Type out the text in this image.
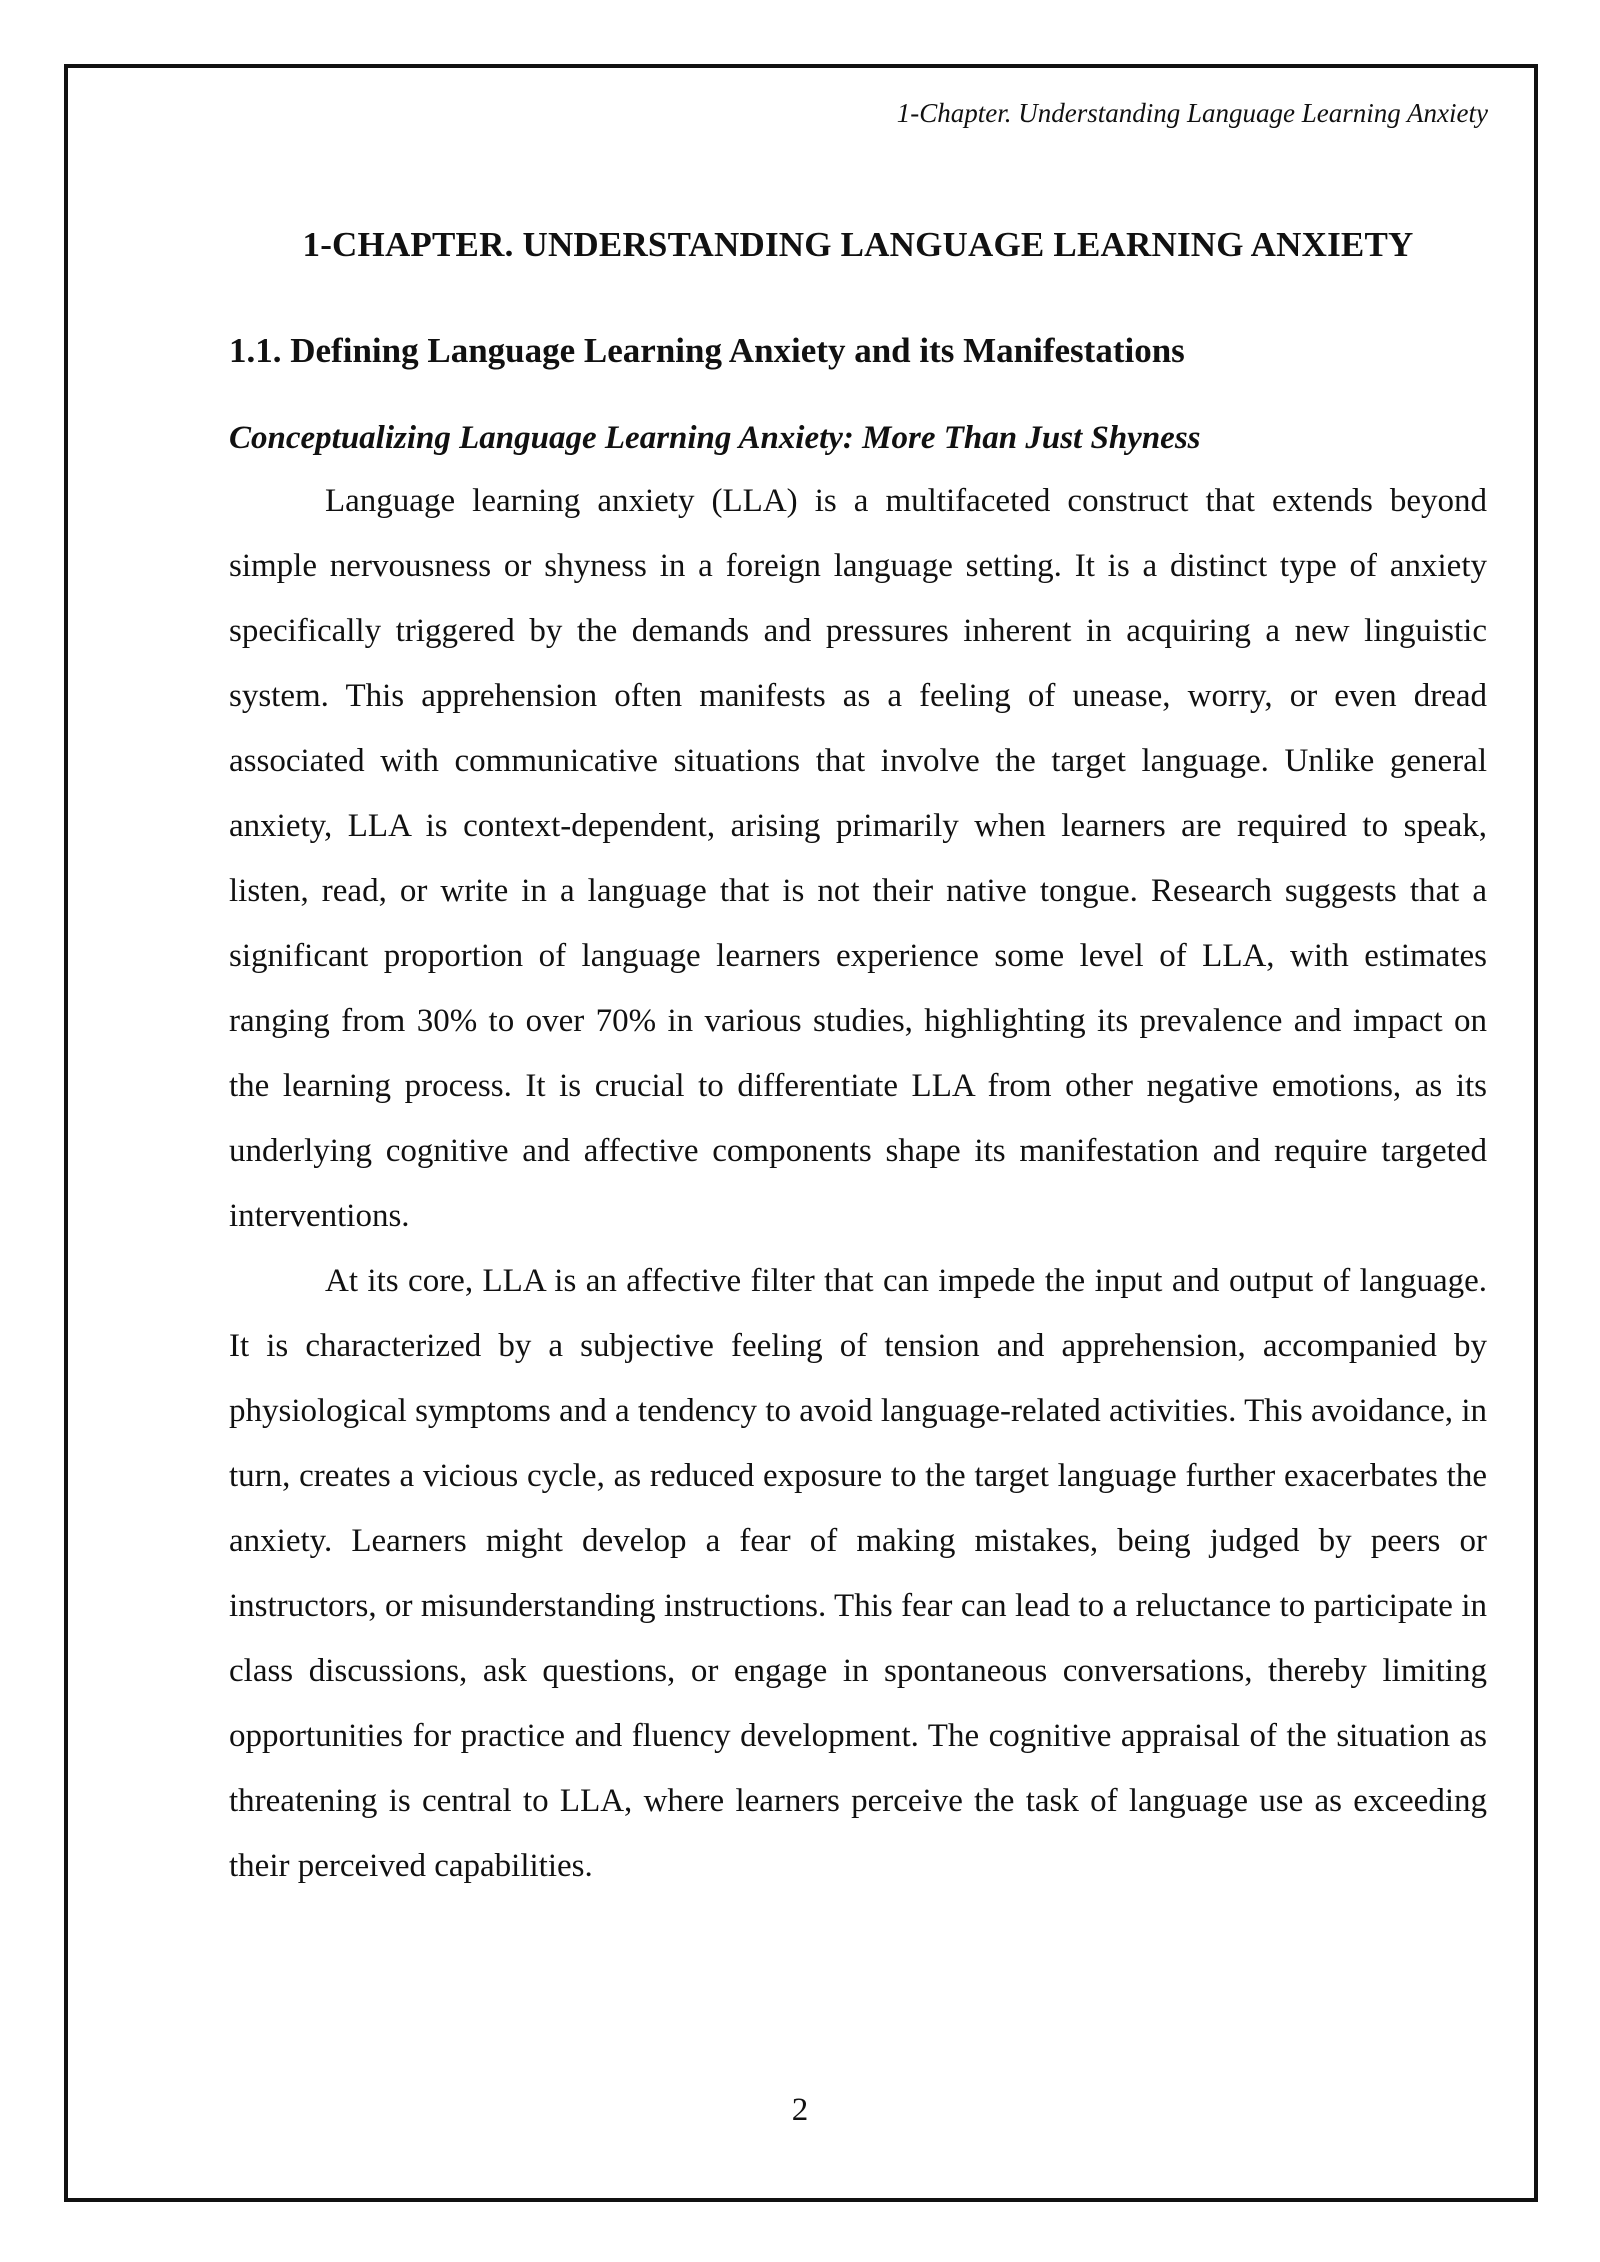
1-Chapter. Understanding Language Learning Anxiety
1-CHAPTER. UNDERSTANDING LANGUAGE LEARNING ANXIETY
1.1. Defining Language Learning Anxiety and its Manifestations
Conceptualizing Language Learning Anxiety: More Than Just Shyness

Language learning anxiety (LLA) is a multifaceted construct that extends beyond simple nervousness or shyness in a foreign language setting. It is a distinct type of anxiety specifically triggered by the demands and pressures inherent in acquiring a new linguistic system. This apprehension often manifests as a feeling of unease, worry, or even dread associated with communicative situations that involve the target language. Unlike general anxiety, LLA is context-dependent, arising primarily when learners are required to speak, listen, read, or write in a language that is not their native tongue. Research suggests that a significant proportion of language learners experience some level of LLA, with estimates ranging from 30% to over 70% in various studies, highlighting its prevalence and impact on the learning process. It is crucial to differentiate LLA from other negative emotions, as its underlying cognitive and affective components shape its manifestation and require targeted interventions.

At its core, LLA is an affective filter that can impede the input and output of language. It is characterized by a subjective feeling of tension and apprehension, accompanied by physiological symptoms and a tendency to avoid language-related activities. This avoidance, in turn, creates a vicious cycle, as reduced exposure to the target language further exacerbates the anxiety. Learners might develop a fear of making mistakes, being judged by peers or instructors, or misunderstanding instructions. This fear can lead to a reluctance to participate in class discussions, ask questions, or engage in spontaneous conversations, thereby limiting opportunities for practice and fluency development. The cognitive appraisal of the situation as threatening is central to LLA, where learners perceive the task of language use as exceeding their perceived capabilities.

2
